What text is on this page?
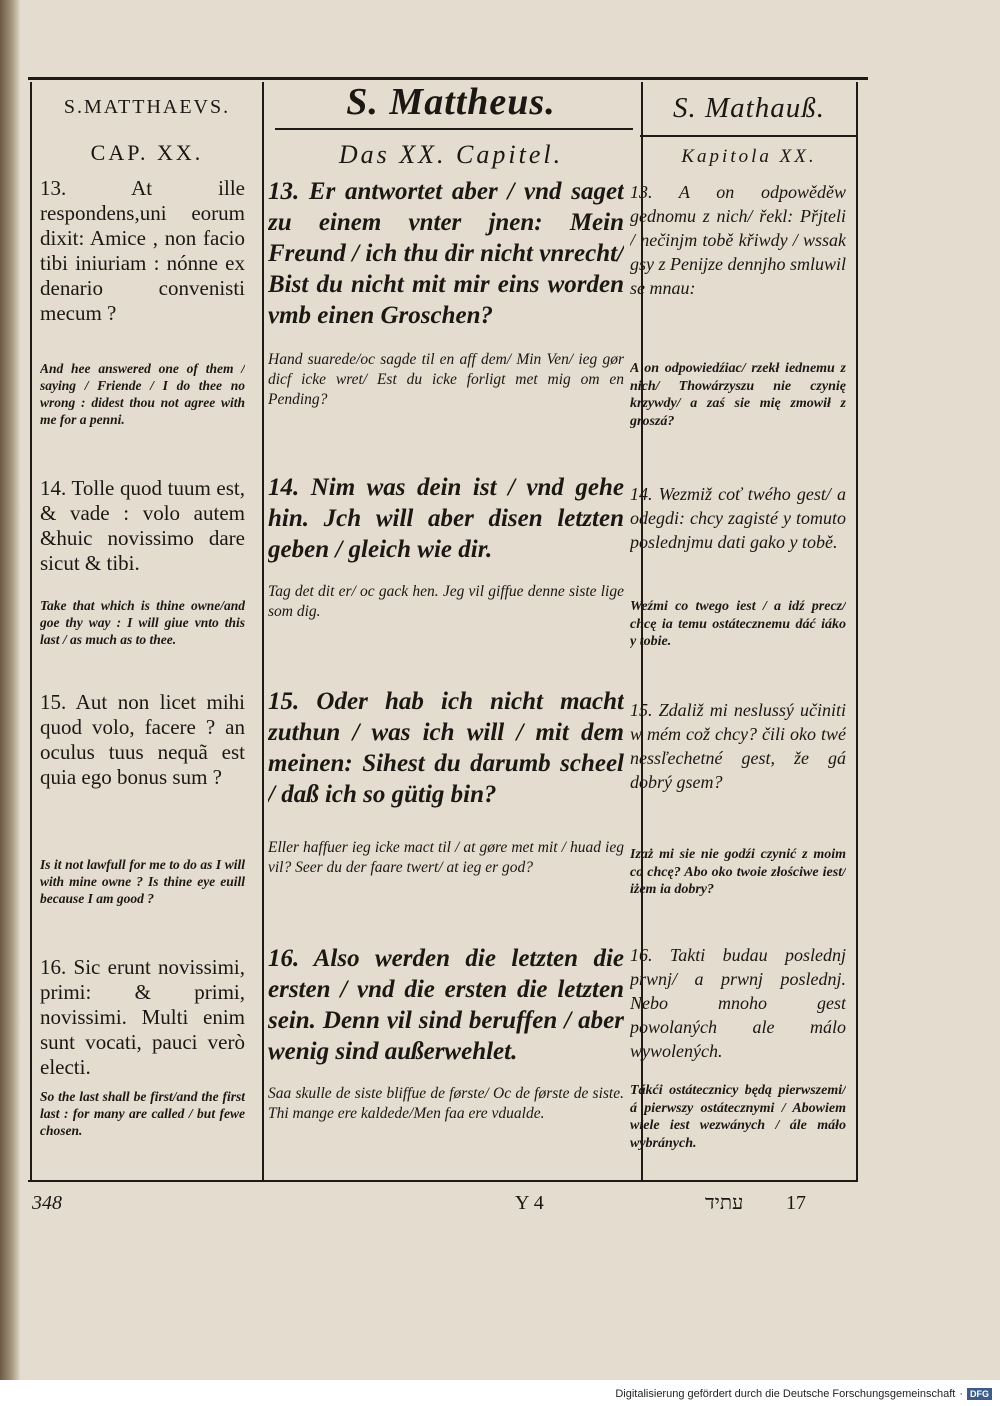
S.MATTHAEVS.	S. Mattheus.	S. Mathauß.
CAP. XX.	Das XX. Capitel.	Kapitola XX.
13. At ille respondens,uni eorum dixit: Amice , non facio tibi iniuriam : nónne ex denario convenisti mecum ?
And hee answered one of them / saying / Friende / I do thee no wrong : didest thou not agree with me for a penni.
14. Tolle quod tuum est, & vade : volo autem &huic novissimo dare sicut & tibi.
Take that which is thine owne/and goe thy way : I will giue vnto this last / as much as to thee.
15. Aut non licet mihi quod volo, facere ? an oculus tuus nequã est quia ego bonus sum ?
Is it not lawfull for me to do as I will with mine owne ? Is thine eye euill because I am good ?
16. Sic erunt novissimi, primi: & primi, novissimi. Multi enim sunt vocati, pauci verò electi.
So the last shall be first/and the first last : for many are called / but fewe chosen.
13. Er antwortet aber / vnd saget zu einem vnter jnen: Mein Freund / ich thu dir nicht vnrecht/ Bist du nicht mit mir eins worden vmb einen Groschen?
Hand suarede/oc sagde til en aff dem/ Min Ven/ ieg gør dicf icke wret/ Est du icke forligt met mig om en Pending?
14. Nim was dein ist / vnd gehe hin. Jch will aber disen letzten geben / gleich wie dir.
Tag det dit er/ oc gack hen. Jeg vil giffue denne siste lige som dig.
15. Oder hab ich nicht macht zuthun / was ich will / mit dem meinen: Sihest du darumb scheel / daß ich so gütig bin?
Eller haffuer ieg icke mact til / at gøre met mit / huad ieg vil? Seer du der faare twert/ at ieg er god?
16. Also werden die letzten die ersten / vnd die ersten die letzten sein. Denn vil sind beruffen / aber wenig sind außerwehlet.
Saa skulle de siste bliffue de første/ Oc de første de siste. Thi mange ere kaldede/Men faa ere vdualde.
13. A on odpowěděw gednomu z nich/ řekl: Přjteli / nečinjm tobě křiwdy / wssak gsy z Penijze dennjho smluwil se mnau:
A on odpowiedźiac/ rzekł iednemu z nich/ Thowárzyszu nie czynię krzywdy/ a zaś sie mię zmowił z groszá?
14. Wezmiž coť twého gest/ a odegdi: chcy zagisté y tomuto poslednjmu dati gako y tobě.
Weźmi co twego iest / a idź precz/ chcę ia temu ostátecznemu dáć iáko y tobie.
15. Zdaliž mi neslussý učiniti w mém což chcy? čili oko twé nessľechetné gest, že gá dobrý gsem?
Izaż mi sie nie godźi czynić z moim co chcę? Abo oko twoie złościwe iest/ iżem ia dobry?
16. Takti budau poslednj prwnj/ a prwnj poslednj. Nebo mnoho gest powolaných ale málo wywolených.
Tákći ostátecznicy będą pierwszemi/ á pierwszy ostátecznymi / Abowiem wiele iest wezwánych / ále máło wybránych.
348	Y 4	עתיד 17
Digitalisierung gefördert durch die Deutsche Forschungsgemeinschaft · DFG
